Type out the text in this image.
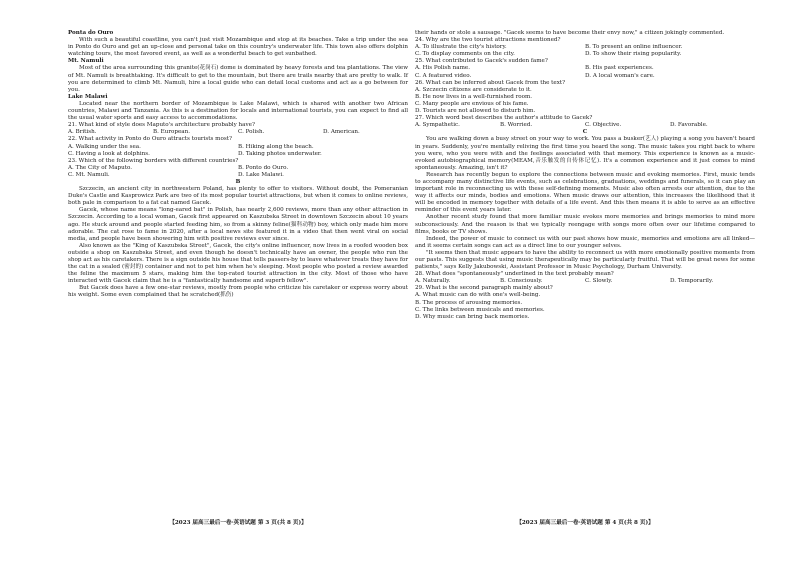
Ponta do Ouro

With such a beautiful coastline, you can't just visit Mozambique and stop at its beaches. Take a trip under the sea in Ponto do Ouro and get an up-close and personal take on this country's underwater life. This town also offers dolphin watching tours, the most favored event, as well as a wonderful beach to get sunbathed.

Mt. Namuli

Most of the area surrounding this granite(花岗石) dome is dominated by heavy forests and tea plantations. The view of Mt. Namuli is breathtaking. It's difficult to get to the mountain, but there are trails nearby that are pretty to walk. If you are determined to climb Mt. Namuli, hire a local guide who can detail local customs and act as a go between for you.

Lake Malawi

Located near the northern border of Mozambique is Lake Malawi, which is shared with another two African countries, Malawi and Tanzania. As this is a destination for locals and international tourists, you can expect to find all the usual water sports and easy access to accommodations.

21. What kind of style does Maputo's architecture probably have?

A. British.	B. European.	C. Polish.	D. American.

22. What activity in Ponto do Ouro attracts tourists most?

A. Walking under the sea.	B. Hiking along the beach.
C. Having a look at dolphins.	D. Taking photos underwater.

23. Which of the following borders with different countries?

A. The City of Maputo.	B. Ponto do Ouro.
C. Mt. Namuli.	D. Lake Malawi.

B

Szczecin, an ancient city in northwestern Poland, has plenty to offer to visitors. Without doubt, the Pomeranian Duke's Castle and Kasprowicz Park are two of its most popular tourist attractions, but when it comes to online reviews, both pale in comparison to a fat cat named Gacek.

Gacek, whose name means "long-eared bat" in Polish, has nearly 2,600 reviews, more than any other attraction in Szczecin. According to a local woman, Gacek first appeared on Kaszubska Street in downtown Szczecin about 10 years ago. He stuck around and people started feeding him, so from a skinny feline(猫科动物) boy, which only made him more adorable. The cat rose to fame in 2020, after a local news site featured it in a video that then went viral on social media, and people have been showering him with positive reviews ever since.

Also known as the "King of Kaszubska Street", Gacek, the city's online influencer, now lives in a roofed wooden box outside a shop on Kaszubska Street, and even though he doesn't technically have an owner, the people who run the shop act as his caretakers. There is a sign outside his house that tells passers-by to leave whatever treats they have for the cat in a sealed (密封的) container and not to pet him when he's sleeping. Most people who posted a review awarded the feline the maximum 5 stars, making him the top-rated tourist attraction in the city. Most of those who have interacted with Gacek claim that he is a "fantastically handsome and superb fellow".

But Gacek does have a few one-star reviews, mostly from people who criticize his caretaker or express worry about his weight. Some even complained that he scratched(抓伤)

their hands or stole a sausage. "Gacek seems to have become their envy now," a citizen jokingly commented.

24. Why are the two tourist attractions mentioned?

A. To illustrate the city's history.	B. To present an online influencer.
C. To display comments on the city.	D. To show their rising popularity.

25. What contributed to Gacek's sudden fame?

A. His Polish name.	B. His past experiences.
C. A featured video.	D. A local woman's care.

26. What can be inferred about Gacek from the text?

A. Szczecin citizens are considerate to it.

B. He now lives in a well-furnished room.

C. Many people are envious of his fame.

D. Tourists are not allowed to disturb him.

27. Which word best describes the author's attitude to Gacek?

A. Sympathetic.	B. Worried.	C. Objective.	D. Favorable.

C

You are walking down a busy street on your way to work. You pass a busker(艺人) playing a song you haven't heard in years. Suddenly, you're mentally reliving the first time you heard the song. The music takes you right back to where you were, who you were with and the feelings associated with that memory. This experience is known as a music-evoked autobiographical memory(MEAM,音乐触发的自传体记忆). It's a common experience and it just comes to mind spontaneously. Amazing, isn't it?

Research has recently begun to explore the connections between music and evoking memories. First, music tends to accompany many distinctive life events, such as celebrations, graduations, weddings and funerals, so it can play an important role in reconnecting us with these self-defining moments. Music also often arrests our attention, due to the way it affects our minds, bodies and emotions. When music draws our attention, this increases the likelihood that it will be encoded in memory together with details of a life event. And this then means it is able to serve as an effective reminder of this event years later.

Another recent study found that more familiar music evokes more memories and brings memories to mind more subconsciously. And the reason is that we typically reengage with songs more often over our lifetime compared to films, books or TV shows.

Indeed, the power of music to connect us with our past shows how music, memories and emotions are all linked—and it seems certain songs can act as a direct line to our younger selves.

"It seems then that music appears to have the ability to reconnect us with more emotionally positive moments from our pasts. This suggests that using music therapeutically may be particularly fruitful. That will be great news for some patients," says Kelly Jakubowski, Assistant Professor in Music Psychology, Durham University.

28. What does "spontaneously" underlined in the text probably mean?

A. Naturally.	B. Consciously.	C. Slowly.	D. Temporarily.

29. What is the second paragraph mainly about?

A. What music can do with one's well-being.

B. The process of arousing memories.

C. The links between musicals and memories.

D. Why music can bring back memories.

【2023 届高三最后一卷·英语试题 第 3 页(共 8 页)】	【2023 届高三最后一卷·英语试题 第 4 页(共 8 页)】
